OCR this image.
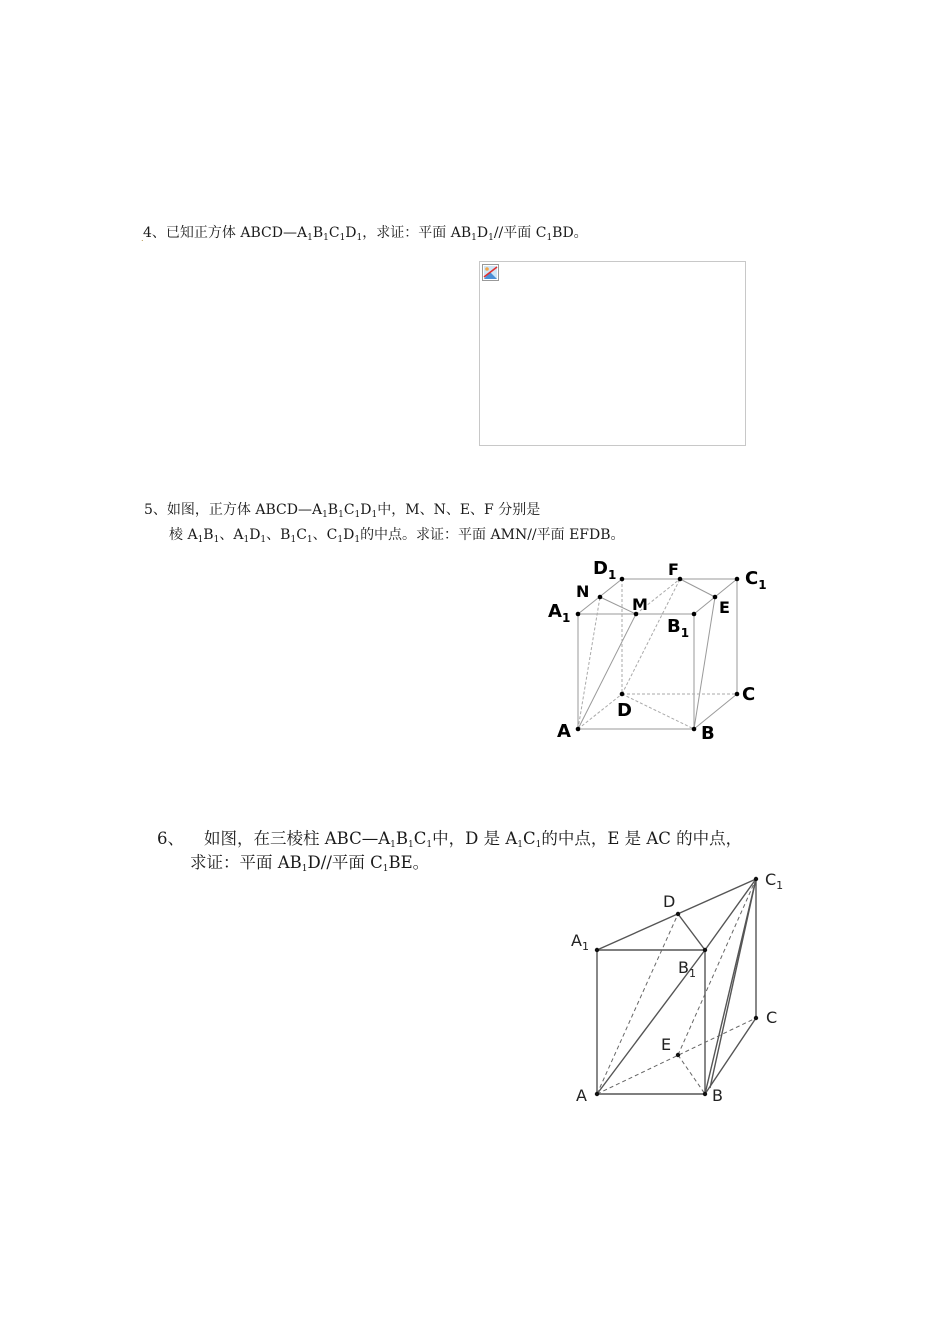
. 4、已知正方体 $ABCD—A_1B_1C_1D_1$，求证：平面 $AB_1D_1//$平面 $C_1BD$。
5、如图，正方体 $ABCD—A_1B_1C_1D_1$中，M、N、E、F 分别是
棱 $A_1B_1$、$A_1D_1$、$B_1C_1$、$C_1D_1$的中点。求证：平面 AMN//平面 EFDB。
$D_1$	F	$C_1$
N
M
$A_1$
E
$B_1$
C
D
A	B
6、 如图，在三棱柱 $ABC—A_1B_1C_1$中，D 是 $A_1C_1$的中点，E 是 AC 的中点，
求证：平面 $AB_1D//$平面 $C_1BE$。
$C_1$
D
$A_1$
$B_1$
C
E
A	B
